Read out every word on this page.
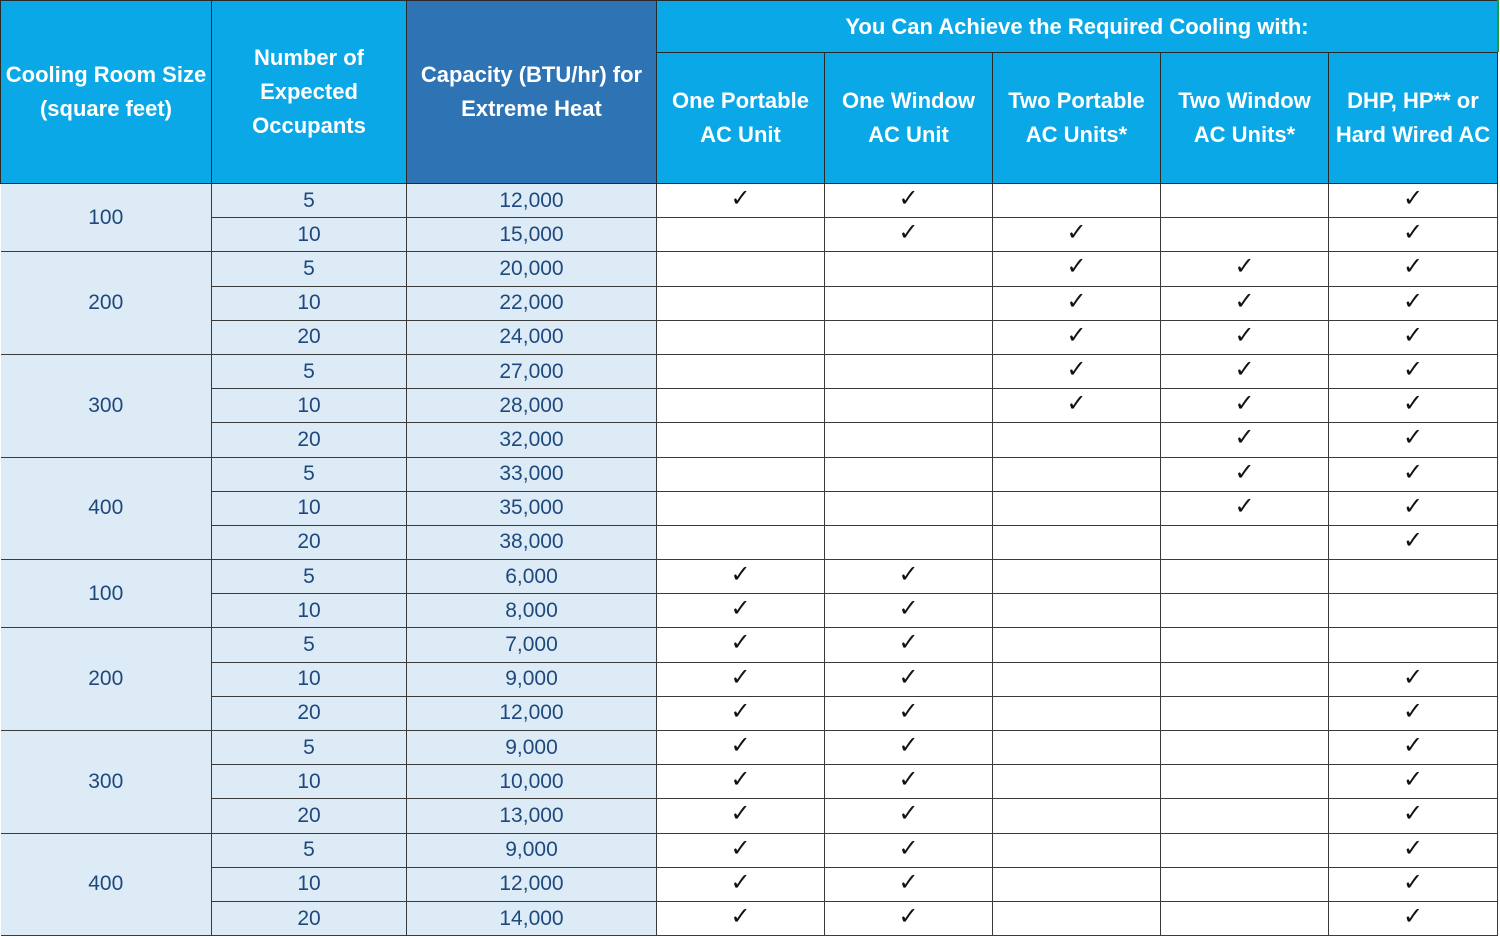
Cooling Room Size (square feet)	Number of Expected Occupants	Capacity (BTU/hr) for Extreme Heat	You Can Achieve the Required Cooling with:				
			One Portable AC Unit	One Window AC Unit	Two Portable AC Units*	Two Window AC Units*	DHP, HP** or Hard Wired AC
100	5	12,000	✓	✓			✓
	10	15,000		✓	✓		✓
200	5	20,000			✓	✓	✓
	10	22,000			✓	✓	✓
	20	24,000			✓	✓	✓
300	5	27,000			✓	✓	✓
	10	28,000			✓	✓	✓
	20	32,000				✓	✓
400	5	33,000				✓	✓
	10	35,000				✓	✓
	20	38,000					✓
100	5	6,000	✓	✓			
	10	8,000	✓	✓			
200	5	7,000	✓	✓			
	10	9,000	✓	✓			✓
	20	12,000	✓	✓			✓
300	5	9,000	✓	✓			✓
	10	10,000	✓	✓			✓
	20	13,000	✓	✓			✓
400	5	9,000	✓	✓			✓
	10	12,000	✓	✓			✓
	20	14,000	✓	✓			✓
